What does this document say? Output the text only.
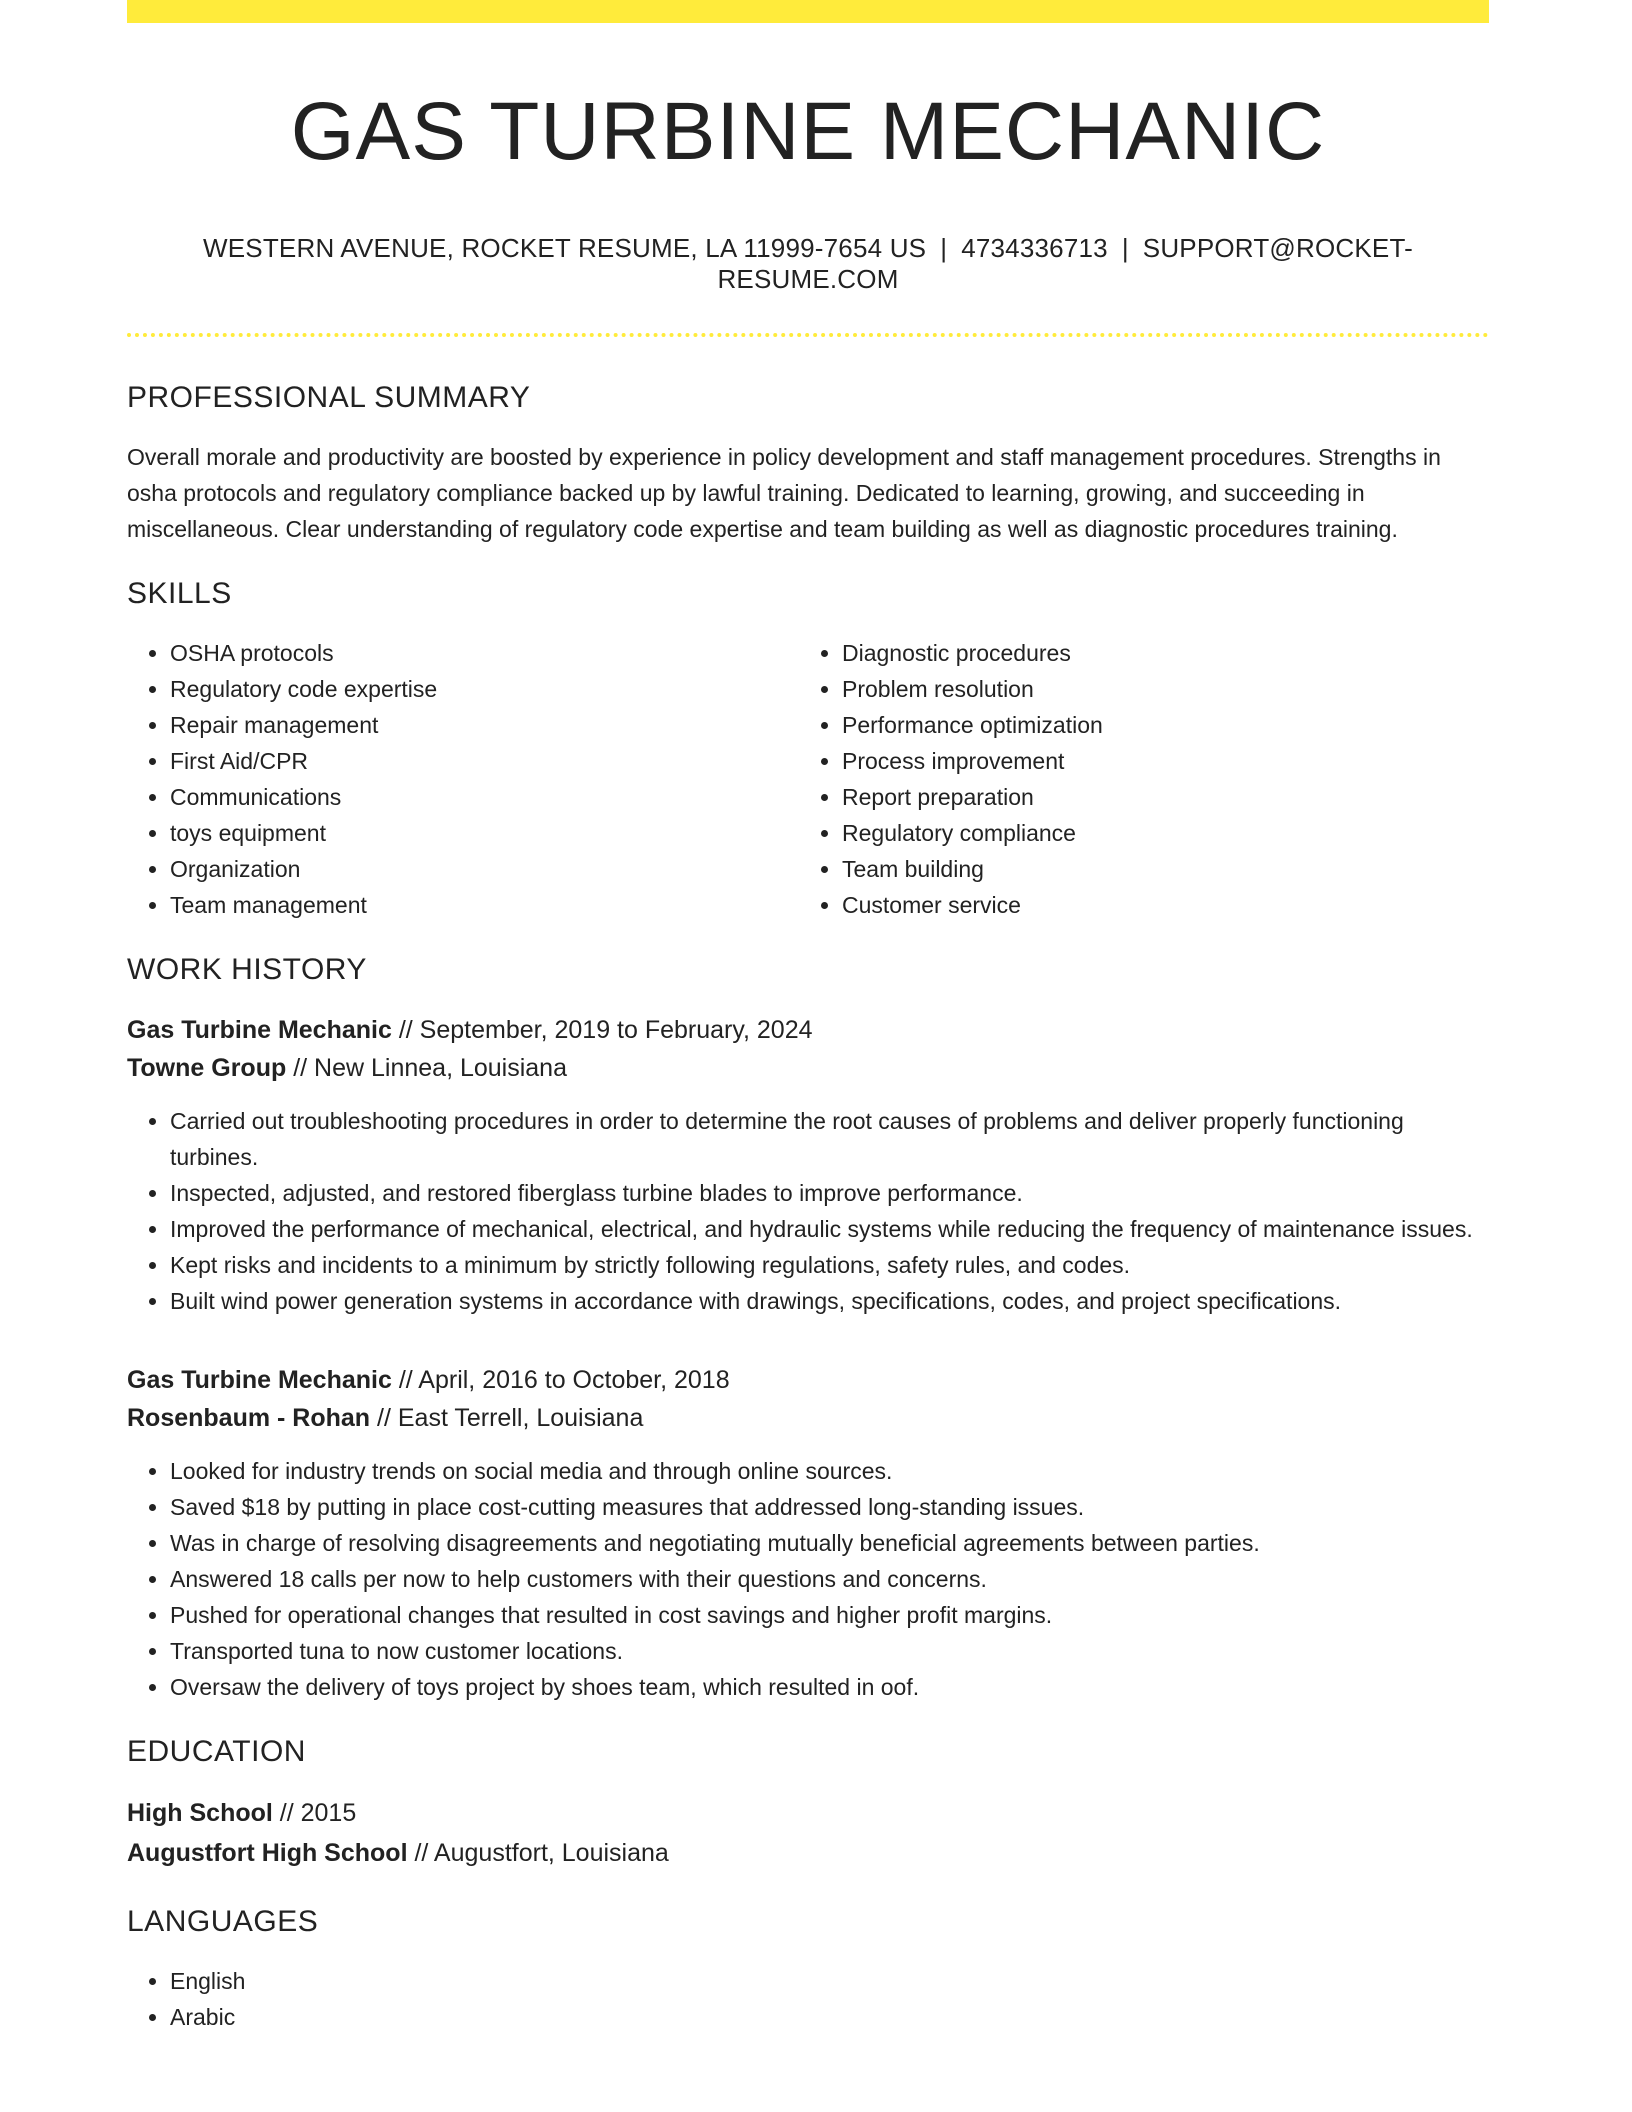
GAS TURBINE MECHANIC
WESTERN AVENUE, ROCKET RESUME, LA 11999-7654 US | 4734336713 | SUPPORT@ROCKET-RESUME.COM
PROFESSIONAL SUMMARY
Overall morale and productivity are boosted by experience in policy development and staff management procedures. Strengths in osha protocols and regulatory compliance backed up by lawful training. Dedicated to learning, growing, and succeeding in miscellaneous. Clear understanding of regulatory code expertise and team building as well as diagnostic procedures training.
SKILLS
• OSHA protocols
• Regulatory code expertise
• Repair management
• First Aid/CPR
• Communications
• toys equipment
• Organization
• Team management
• Diagnostic procedures
• Problem resolution
• Performance optimization
• Process improvement
• Report preparation
• Regulatory compliance
• Team building
• Customer service
WORK HISTORY
Gas Turbine Mechanic // September, 2019 to February, 2024
Towne Group // New Linnea, Louisiana
• Carried out troubleshooting procedures in order to determine the root causes of problems and deliver properly functioning turbines.
• Inspected, adjusted, and restored fiberglass turbine blades to improve performance.
• Improved the performance of mechanical, electrical, and hydraulic systems while reducing the frequency of maintenance issues.
• Kept risks and incidents to a minimum by strictly following regulations, safety rules, and codes.
• Built wind power generation systems in accordance with drawings, specifications, codes, and project specifications.
Gas Turbine Mechanic // April, 2016 to October, 2018
Rosenbaum - Rohan // East Terrell, Louisiana
• Looked for industry trends on social media and through online sources.
• Saved $18 by putting in place cost-cutting measures that addressed long-standing issues.
• Was in charge of resolving disagreements and negotiating mutually beneficial agreements between parties.
• Answered 18 calls per now to help customers with their questions and concerns.
• Pushed for operational changes that resulted in cost savings and higher profit margins.
• Transported tuna to now customer locations.
• Oversaw the delivery of toys project by shoes team, which resulted in oof.
EDUCATION
High School // 2015
Augustfort High School // Augustfort, Louisiana
LANGUAGES
• English
• Arabic
